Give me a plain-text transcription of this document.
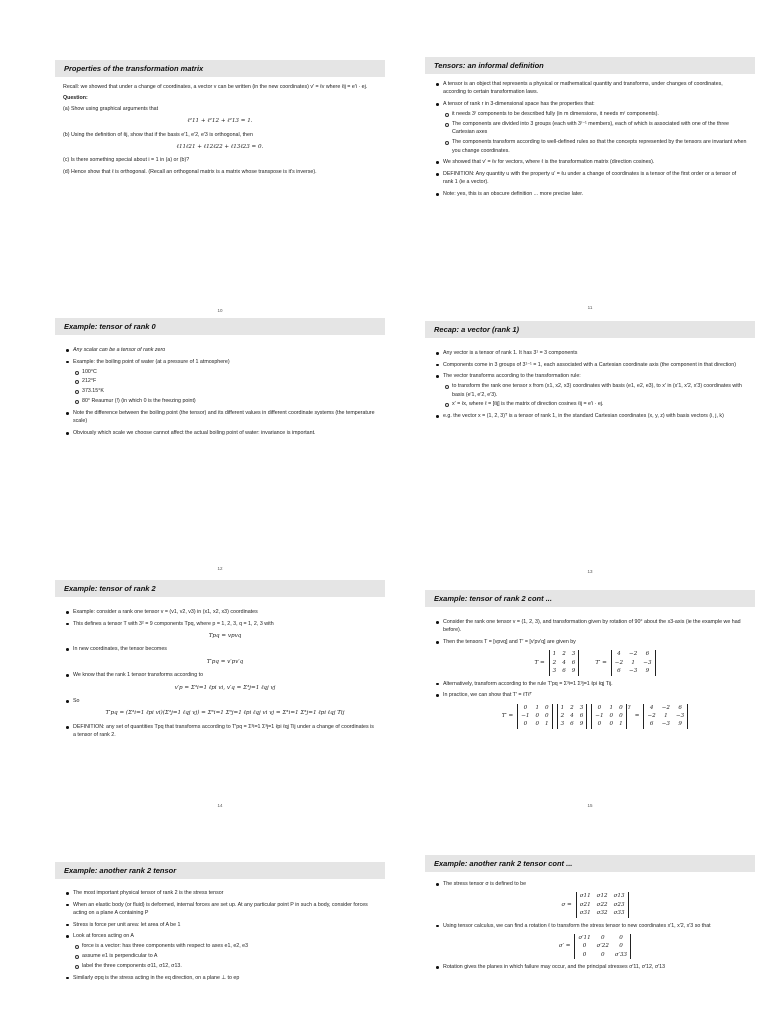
Properties of the transformation matrix

Recall: we showed that under a change of coordinates, a vector v can be written (in the new coordinates) v′ = ℓv where ℓij = e′i · ej.

Question:

(a) Show using graphical arguments that

ℓ²11 + ℓ²12 + ℓ²13 = 1.

(b) Using the definition of ℓij, show that if the basis e′1, e′2, e′3 is orthogonal, then

ℓ11ℓ21 + ℓ12ℓ22 + ℓ13ℓ23 = 0.

(c) Is there something special about i = 1 in (a) or (b)?

(d) Hence show that ℓ is orthogonal. (Recall an orthogonal matrix is a matrix whose transpose is it's inverse).

10
Tensors: an informal definition
A tensor is an object that represents a physical or mathematical quantity and transforms, under changes of coordinates, according to certain transformation laws.
A tensor of rank r in 3-dimensional space has the properties that:
it needs 3ʳ components to be described fully (in m dimensions, it needs mʳ components).
The components are divided into 3 groups (each with 3ʳ⁻¹ members), each of which is associated with one of the three Cartesian axes
The components transform according to well-defined rules so that the concepts represented by the tensors are invariant when you change coordinates.
We showed that v′ = ℓv for vectors, where ℓ is the transformation matrix (direction cosines).
DEFINITION: Any quantity u with the property u′ = ℓu under a change of coordinates is a tensor of the first order or a tensor of rank 1 (ie a vector).
Note: yes, this is an obscure definition ... more precise later.
11
Example: tensor of rank 0
Any scalar can be a tensor of rank zero
Example: the boiling point of water (at a pressure of 1 atmosphere)
100°C
212°F
373.15°K
80° Reaumur (!) (in which 0 is the freezing point)
Note the difference between the boiling point (the tensor) and its different values in different coordinate systems (the temperature scale)
Obviously which scale we choose cannot affect the actual boiling point of water: invariance is important.
12
Recap: a vector (rank 1)
Any vector is a tensor of rank 1. It has 3¹ = 3 components
Components come in 3 groups of 3¹⁻¹ = 1, each associated with a Cartesian coordinate axis (the component in that direction)
The vector transforms according to the transformation rule:
to transform the rank one tensor x from (x1, x2, x3) coordinates with basis (e1, e2, e3), to x′ in (x′1, x′2, x′3) coordinates with basis (e′1, e′2, e′3).
x′ = ℓx, where ℓ = [ℓij] is the matrix of direction cosines ℓij = e′i · ej.
e.g. the vector x = (1, 2, 3)ᵀ is a tensor of rank 1, in the standard Cartesian coordinates (x, y, z) with basis vectors (i, j, k)
13
Example: tensor of rank 2
Example: consider a rank one tensor v = (v1, v2, v3) in (x1, x2, x3) coordinates
This defines a tensor T with 3² = 9 components Tpq, where p = 1, 2, 3, q = 1, 2, 3 with
Tpq = vpvq
In new coordinates, the tensor becomes
T′pq = v′pv′q
We know that the rank 1 tensor transforms according to
v′p = Σ³i=1 ℓpi vi, v′q = Σ³j=1 ℓqj vj
So
T′pq = (Σ³i=1 ℓpi vi)(Σ³j=1 ℓqj vj) = Σ³i=1 Σ³j=1 ℓpi ℓqj vi vj = Σ³i=1 Σ³j=1 ℓpi ℓqj Tij
DEFINITION: any set of quantities Tpq that transforms according to T′pq = Σ³i=1 Σ³j=1 ℓpi ℓqj Tij under a change of coordinates is a tensor of rank 2.
14
Example: tensor of rank 2 cont ...
Consider the rank one tensor v = (1, 2, 3), and transformation given by rotation of 90° about the x3-axis (ie the example we had before).
Then the tensors T = [vpvq] and T′ = [v′pv′q] are given by
T =
1	2	3
2	4	6
3	6	9
T′ =
4	−2	6
−2	1	−3
6	−3	9
Alternatively, transform according to the rule T′pq = Σ³i=1 Σ³j=1 ℓpi ℓqj Tij.
In practice, we can show that T′ = ℓTℓᵀ
T′ =
0	1	0
−1	0	0
0	0	1
1	2	3
2	4	6
3	6	9
0	1	0
−1	0	0
0	0	1
$^T$
=
4	−2	6
−2	1	−3
6	−3	9
15
Example: another rank 2 tensor
The most important physical tensor of rank 2 is the stress tensor
When an elastic body (or fluid) is deformed, internal forces are set up. At any particular point P in such a body, consider forces acting on a plane A containing P
Stress is force per unit area: let area of A be 1
Look at forces acting on A
force is a vector: has three components with respect to axes e1, e2, e3
assume e1 is perpendicular to A
label the three components σ11, σ12, σ13.
Similarly σpq is the stress acting in the eq direction, on a plane ⊥ to ep
Example: another rank 2 tensor cont ...
The stress tensor σ is defined to be
σ =
σ11	σ12	σ13
σ21	σ22	σ23
σ31	σ32	σ33
Using tensor calculus, we can find a rotation ℓ to transform the stress tensor to new coordinates x′1, x′2, x′3 so that
σ′ =
σ′11	0	0
0	σ′22	0
0	0	σ′33
Rotation gives the planes in which failure may occur, and the principal stresses σ′11, σ′12, σ′13
